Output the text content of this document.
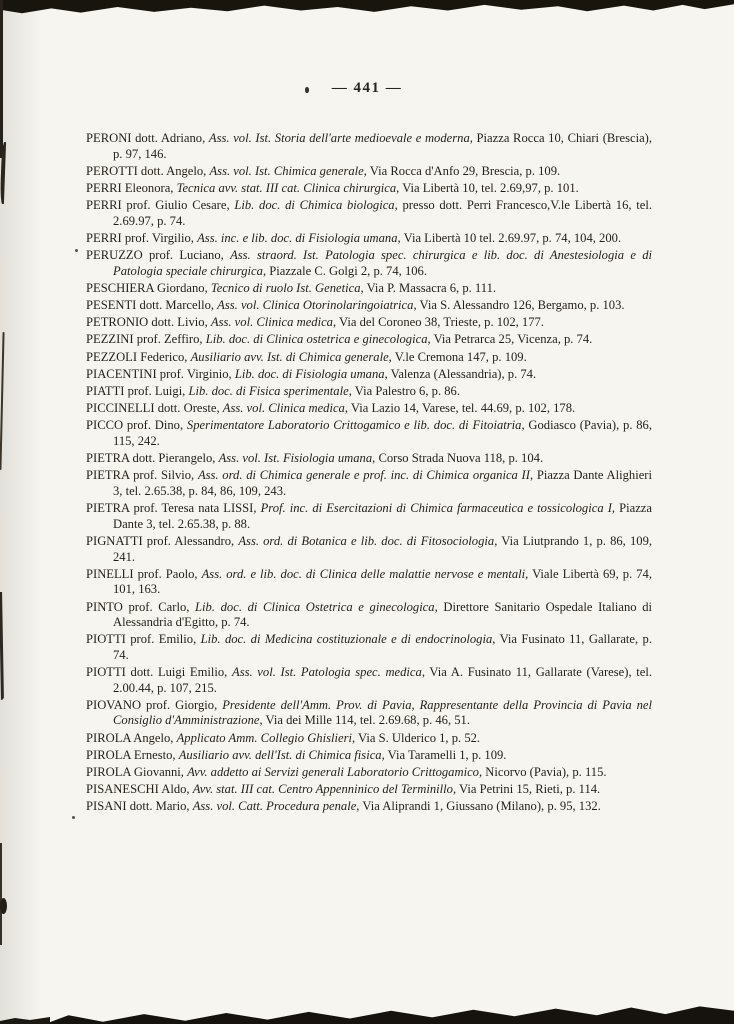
— 441 —
PERONI dott. Adriano, Ass. vol. Ist. Storia dell'arte medioevale e moderna, Piazza Rocca 10, Chiari (Brescia), p. 97, 146.
PEROTTI dott. Angelo, Ass. vol. Ist. Chimica generale, Via Rocca d'Anfo 29, Brescia, p. 109.
PERRI Eleonora, Tecnica avv. stat. III cat. Clinica chirurgica, Via Libertà 10, tel. 2.69,97, p. 101.
PERRI prof. Giulio Cesare, Lib. doc. di Chimica biologica, presso dott. Perri Francesco,V.le Libertà 16, tel. 2.69.97, p. 74.
PERRI prof. Virgilio, Ass. inc. e lib. doc. di Fisiologia umana, Via Libertà 10 tel. 2.69.97, p. 74, 104, 200.
PERUZZO prof. Luciano, Ass. straord. Ist. Patologia spec. chirurgica e lib. doc. di Anestesiologia e di Patologia speciale chirurgica, Piazzale C. Golgi 2, p. 74, 106.
PESCHIERA Giordano, Tecnico di ruolo Ist. Genetica, Via P. Massacra 6, p. 111.
PESENTI dott. Marcello, Ass. vol. Clinica Otorinolaringoiatrica, Via S. Alessandro 126, Bergamo, p. 103.
PETRONIO dott. Livio, Ass. vol. Clinica medica, Via del Coroneo 38, Trieste, p. 102, 177.
PEZZINI prof. Zeffiro, Lib. doc. di Clinica ostetrica e ginecologica, Via Petrarca 25, Vicenza, p. 74.
PEZZOLI Federico, Ausiliario avv. Ist. di Chimica generale, V.le Cremona 147, p. 109.
PIACENTINI prof. Virginio, Lib. doc. di Fisiologia umana, Valenza (Alessandria), p. 74.
PIATTI prof. Luigi, Lib. doc. di Fisica sperimentale, Via Palestro 6, p. 86.
PICCINELLI dott. Oreste, Ass. vol. Clinica medica, Via Lazio 14, Varese, tel. 44.69, p. 102, 178.
PICCO prof. Dino, Sperimentatore Laboratorio Crittogamico e lib. doc. di Fitoiatria, Godiasco (Pavia), p. 86, 115, 242.
PIETRA dott. Pierangelo, Ass. vol. Ist. Fisiologia umana, Corso Strada Nuova 118, p. 104.
PIETRA prof. Silvio, Ass. ord. di Chimica generale e prof. inc. di Chimica organica II, Piazza Dante Alighieri 3, tel. 2.65.38, p. 84, 86, 109, 243.
PIETRA prof. Teresa nata LISSI, Prof. inc. di Esercitazioni di Chimica farmaceutica e tossicologica I, Piazza Dante 3, tel. 2.65.38, p. 88.
PIGNATTI prof. Alessandro, Ass. ord. di Botanica e lib. doc. di Fitosociologia, Via Liutprando 1, p. 86, 109, 241.
PINELLI prof. Paolo, Ass. ord. e lib. doc. di Clinica delle malattie nervose e mentali, Viale Libertà 69, p. 74, 101, 163.
PINTO prof. Carlo, Lib. doc. di Clinica Ostetrica e ginecologica, Direttore Sanitario Ospedale Italiano di Alessandria d'Egitto, p. 74.
PIOTTI prof. Emilio, Lib. doc. di Medicina costituzionale e di endocrinologia, Via Fusinato 11, Gallarate, p. 74.
PIOTTI dott. Luigi Emilio, Ass. vol. Ist. Patologia spec. medica, Via A. Fusinato 11, Gallarate (Varese), tel. 2.00.44, p. 107, 215.
PIOVANO prof. Giorgio, Presidente dell'Amm. Prov. di Pavia, Rappresentante della Provincia di Pavia nel Consiglio d'Amministrazione, Via dei Mille 114, tel. 2.69.68, p. 46, 51.
PIROLA Angelo, Applicato Amm. Collegio Ghislieri, Via S. Ulderico 1, p. 52.
PIROLA Ernesto, Ausiliario avv. dell'Ist. di Chimica fisica, Via Taramelli 1, p. 109.
PIROLA Giovanni, Avv. addetto ai Servizi generali Laboratorio Crittogamico, Nicorvo (Pavia), p. 115.
PISANESCHI Aldo, Avv. stat. III cat. Centro Appenninico del Terminillo, Via Petrini 15, Rieti, p. 114.
PISANI dott. Mario, Ass. vol. Catt. Procedura penale, Via Aliprandi 1, Giussano (Milano), p. 95, 132.
